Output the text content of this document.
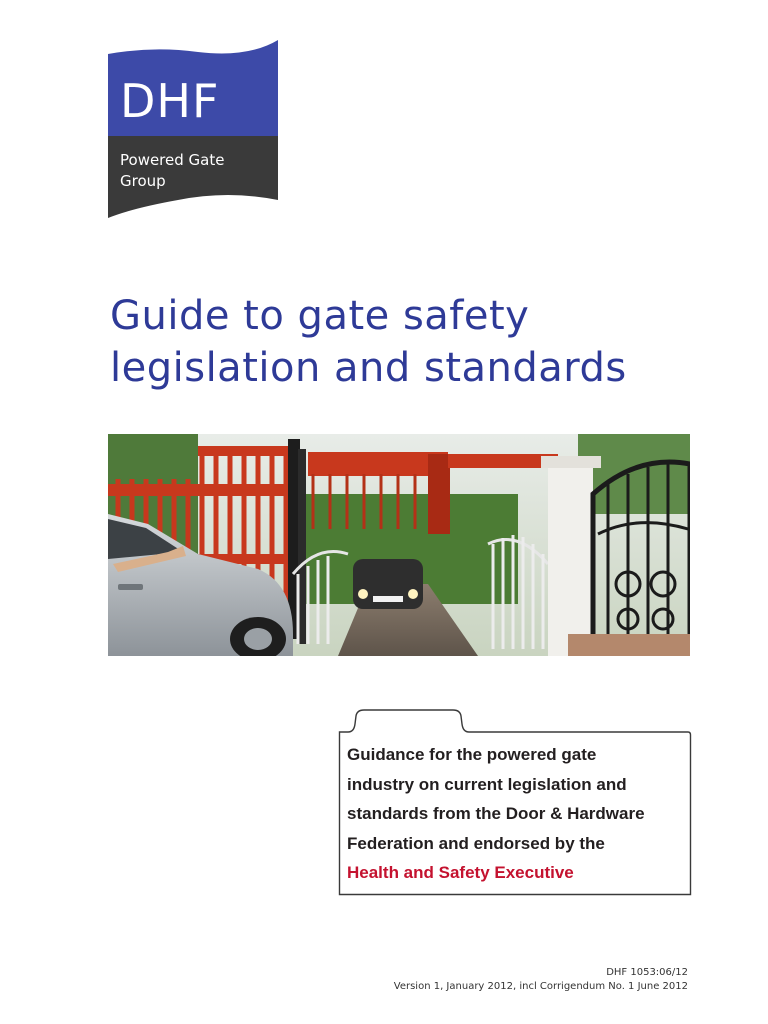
DHF
Powered Gate Group
Guide to gate safety
legislation and standards

Guidance for the powered gate
industry on current legislation and
standards from the Door & Hardware
Federation and endorsed by the
Health and Safety Executive

DHF 1053:06/12
Version 1, January 2012, incl Corrigendum No. 1 June 2012
